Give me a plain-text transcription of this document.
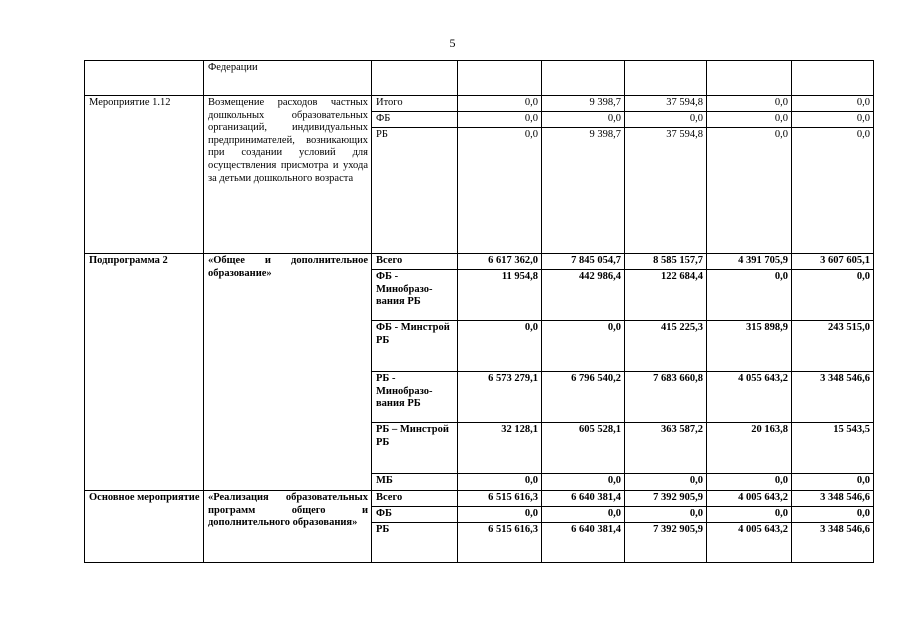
5
	Федерации						
Мероприятие 1.12	Возмещение расходов частных дошкольных образовательных организаций, индивидуальных предпринимателей, возникающих при создании условий для осуществления присмотра и ухода за детьми дошкольного возраста	Итого	0,0	9 398,7	37 594,8	0,0	0,0
		ФБ	0,0	0,0	0,0	0,0	0,0
		РБ	0,0	9 398,7	37 594,8	0,0	0,0
Подпрограмма 2	«Общее и дополнительное образование»	Всего	6 617 362,0	7 845 054,7	8 585 157,7	4 391 705,9	3 607 605,1
		ФБ - Минобразо-вания РБ	11 954,8	442 986,4	122 684,4	0,0	0,0
		ФБ - Минстрой РБ	0,0	0,0	415 225,3	315 898,9	243 515,0
		РБ - Минобразо-вания РБ	6 573 279,1	6 796 540,2	7 683 660,8	4 055 643,2	3 348 546,6
		РБ – Минстрой РБ	32 128,1	605 528,1	363 587,2	20 163,8	15 543,5
		МБ	0,0	0,0	0,0	0,0	0,0
Основное мероприятие	«Реализация образовательных программ общего и дополнительного образования»	Всего	6 515 616,3	6 640 381,4	7 392 905,9	4 005 643,2	3 348 546,6
		ФБ	0,0	0,0	0,0	0,0	0,0
		РБ	6 515 616,3	6 640 381,4	7 392 905,9	4 005 643,2	3 348 546,6
